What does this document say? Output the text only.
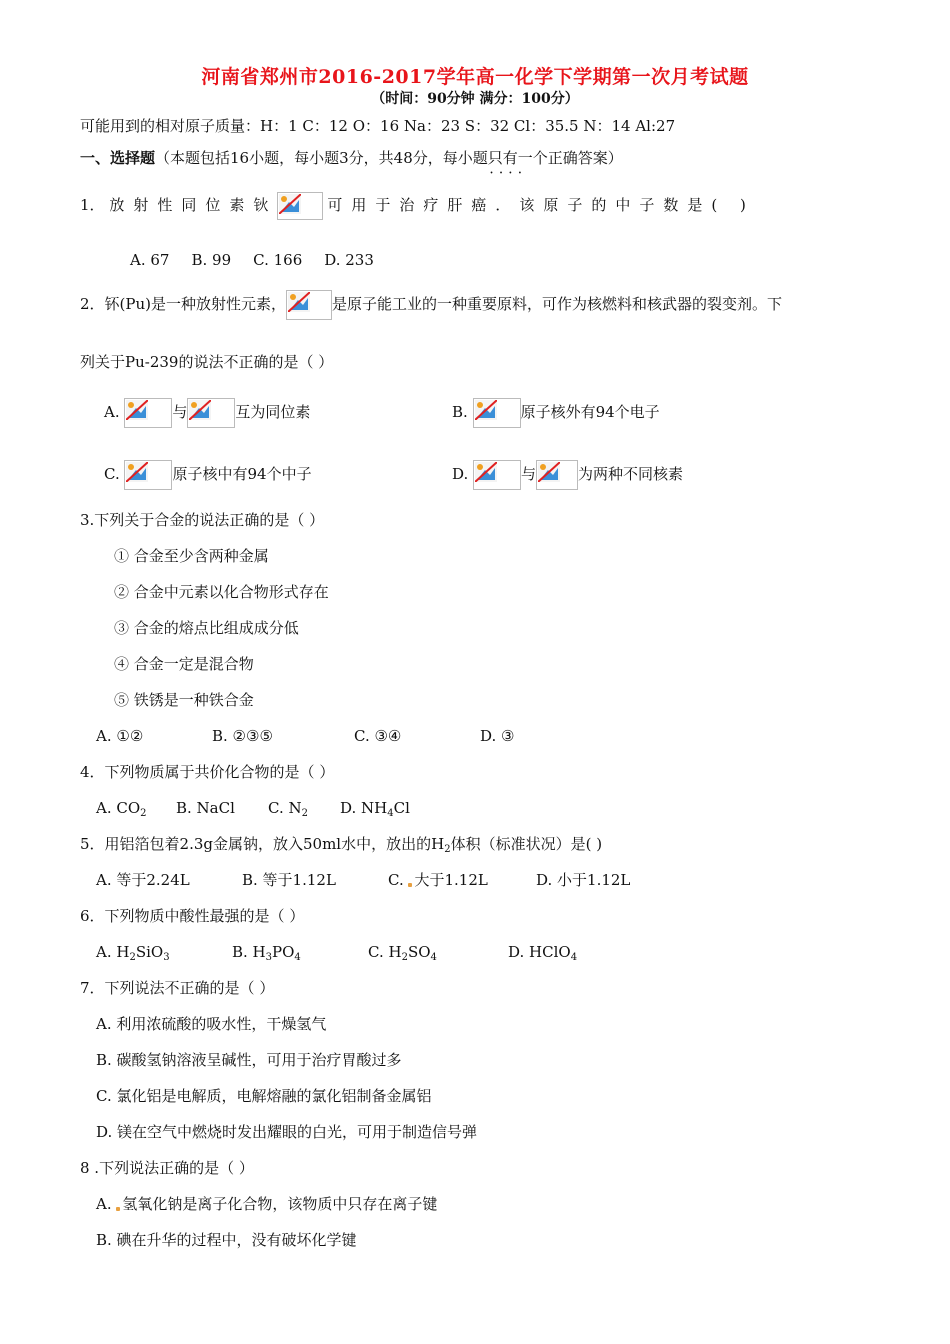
河南省郑州市2016-2017学年高一化学下学期第一次月考试题
（时间：90分钟 满分：100分）
可能用到的相对原子质量：H：1 C：12 O：16 Na：23 S：32 Cl：35.5 N：14 Al:27
一、选择题（本题包括16小题，每小题3分，共48分，每小题只有一个 • • • •正确答案）
1． 放射性同位素钬	可用于治疗肝癌．该原子的中子数是( )
A. 67 B. 99 C. 166 D. 233
2．钚(Pu)是一种放射性元素，	是原子能工业的一种重要原料，可作为核燃料和核武器的裂变剂。下
列关于Pu-239的说法不正确的是（ ）
A.	与	互为同位素	B.	原子核外有94个电子
C.	原子核中有94个中子	D.	与	为两种不同核素
3.下列关于合金的说法正确的是（ ）
① 合金至少含两种金属
② 合金中元素以化合物形式存在
③ 合金的熔点比组成成分低
④ 合金一定是混合物
⑤ 铁锈是一种铁合金
A. ①②	B. ②③⑤	C. ③④	D. ③
4．下列物质属于共价化合物的是（ ）
A. $CO_2$ B. NaCl C. $N_2$ D. $NH_4Cl$
5．用铝箔包着2.3g金属钠，放入50ml水中，放出的$H_2$体积（标准状况）是( )
A. 等于2.24L	B. 等于1.12L	C. 大于1.12L	D. 小于1.12L
6．下列物质中酸性最强的是（ ）
A. $H_2SiO_3$	B. $H_3PO_4$	C. $H_2SO_4$	D. HClO$_4$
7．下列说法不正确的是（ ）
A. 利用浓硫酸的吸水性，干燥氢气
B. 碳酸氢钠溶液呈碱性，可用于治疗胃酸过多
C. 氯化铝是电解质，电解熔融的氯化铝制备金属铝
D. 镁在空气中燃烧时发出耀眼的白光，可用于制造信号弹
8 .下列说法正确的是（ ）
A. 氢氧化钠是离子化合物，该物质中只存在离子键
B. 碘在升华的过程中，没有破坏化学键
